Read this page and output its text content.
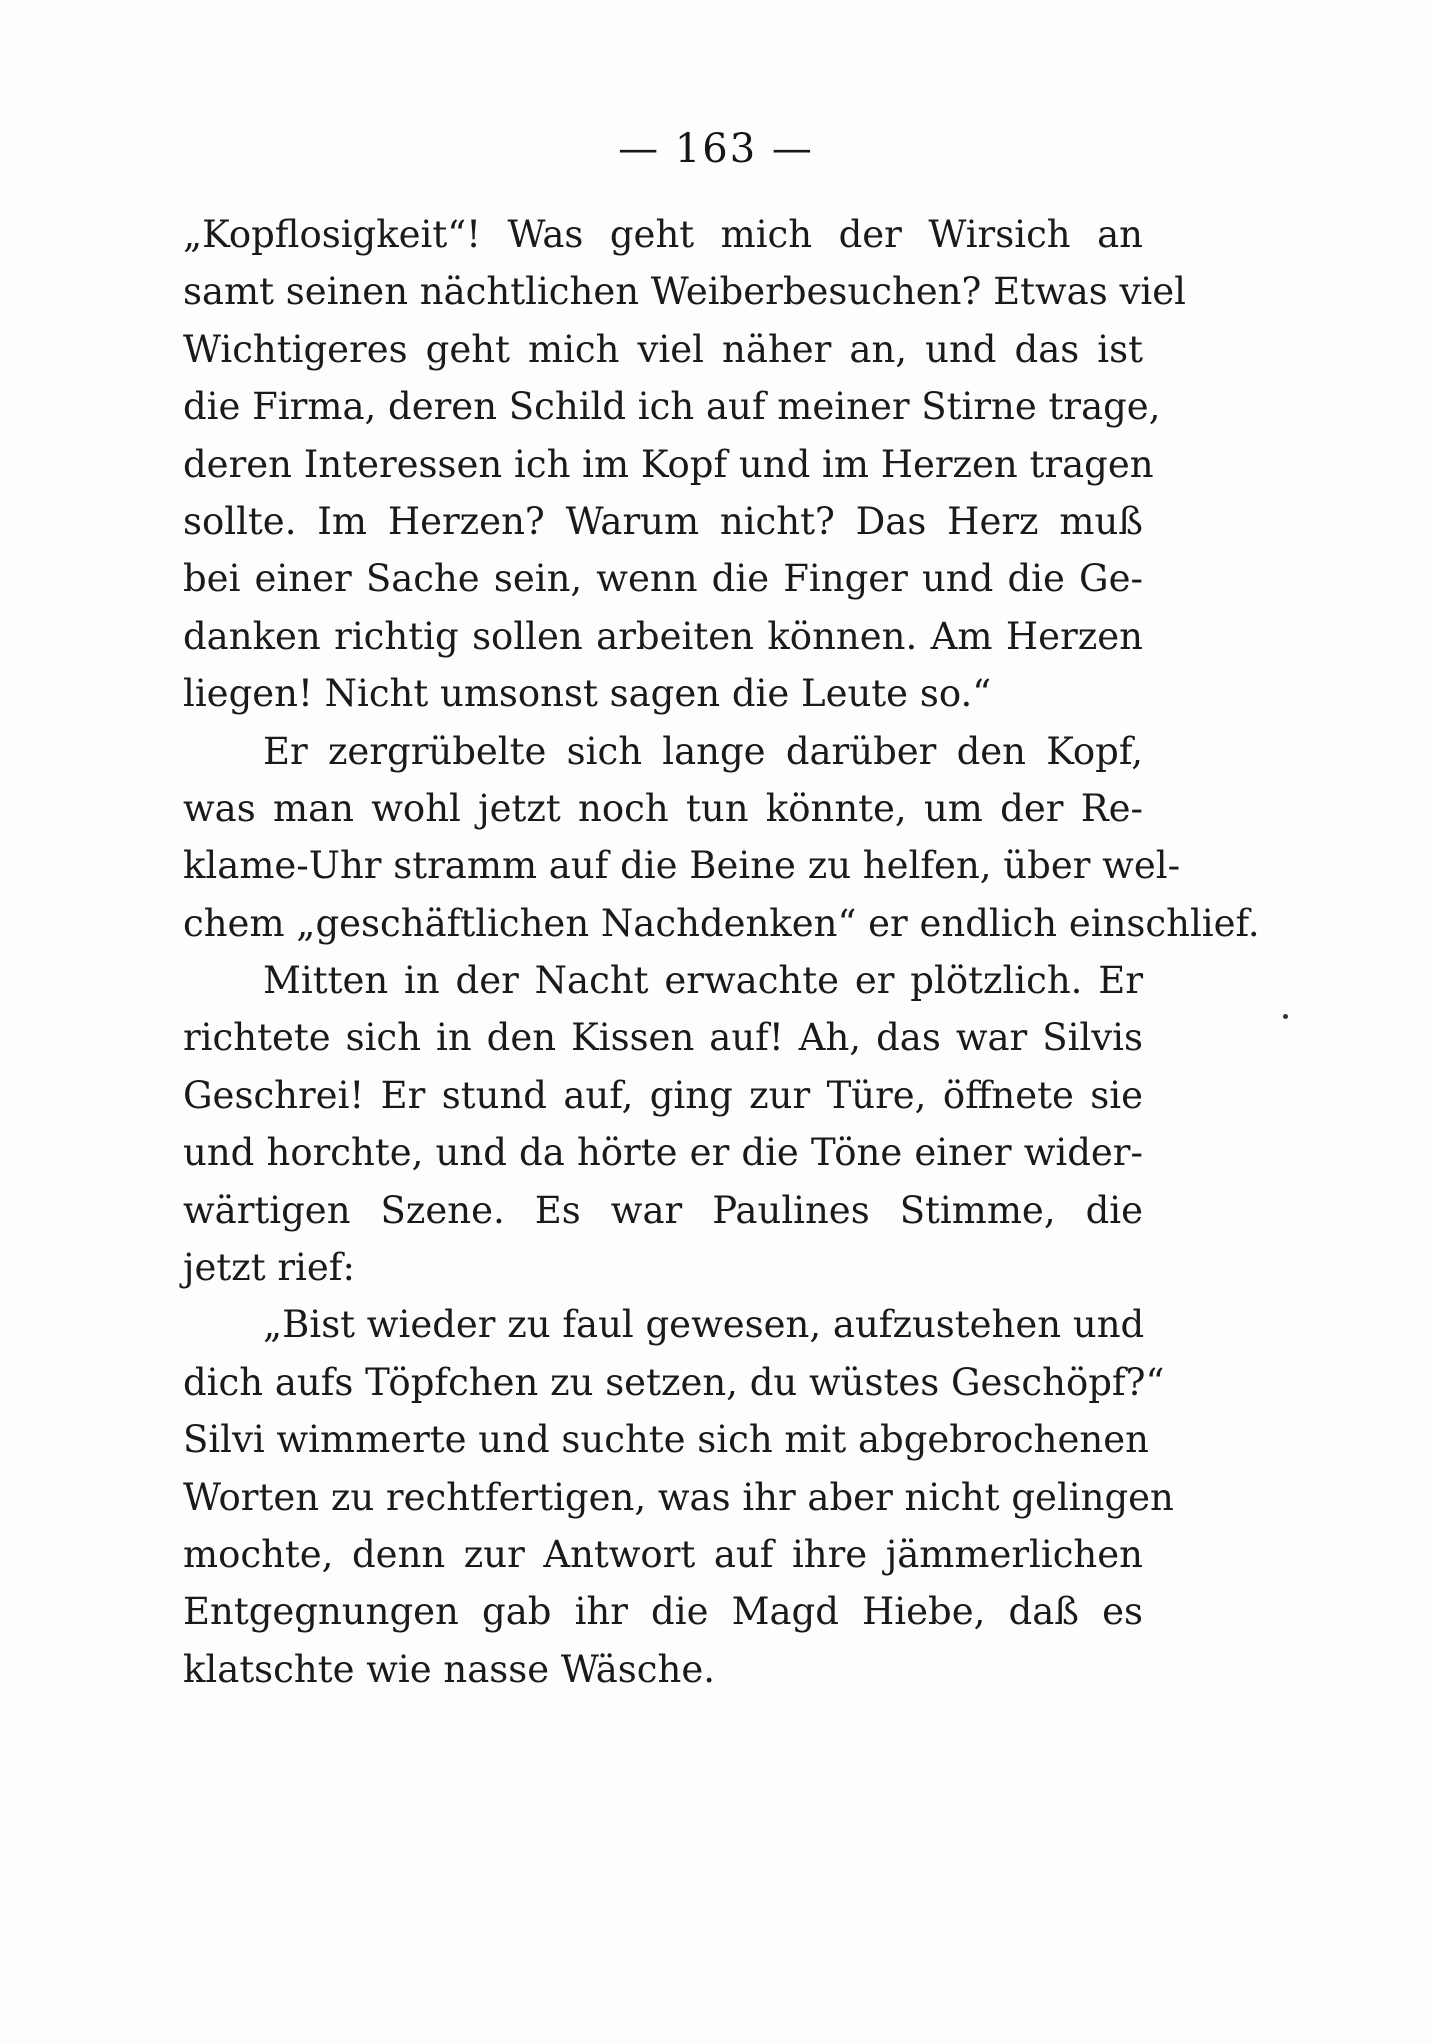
— 163 —
„Kopflosigkeit“! Was geht mich der Wirsich an
samt seinen nächtlichen Weiberbesuchen? Etwas viel
Wichtigeres geht mich viel näher an, und das ist
die Firma, deren Schild ich auf meiner Stirne trage,
deren Interessen ich im Kopf und im Herzen tragen
sollte. Im Herzen? Warum nicht? Das Herz muß
bei einer Sache sein, wenn die Finger und die Ge-
danken richtig sollen arbeiten können. Am Herzen
liegen! Nicht umsonst sagen die Leute so.“
Er zergrübelte sich lange darüber den Kopf,
was man wohl jetzt noch tun könnte, um der Re-
klame-Uhr stramm auf die Beine zu helfen, über wel-
chem „geschäftlichen Nachdenken“ er endlich einschlief.
Mitten in der Nacht erwachte er plötzlich. Er
richtete sich in den Kissen auf! Ah, das war Silvis
Geschrei! Er stund auf, ging zur Türe, öffnete sie
und horchte, und da hörte er die Töne einer wider-
wärtigen Szene. Es war Paulines Stimme, die
jetzt rief:
„Bist wieder zu faul gewesen, aufzustehen und
dich aufs Töpfchen zu setzen, du wüstes Geschöpf?“
Silvi wimmerte und suchte sich mit abgebrochenen
Worten zu rechtfertigen, was ihr aber nicht gelingen
mochte, denn zur Antwort auf ihre jämmerlichen
Entgegnungen gab ihr die Magd Hiebe, daß es
klatschte wie nasse Wäsche.
